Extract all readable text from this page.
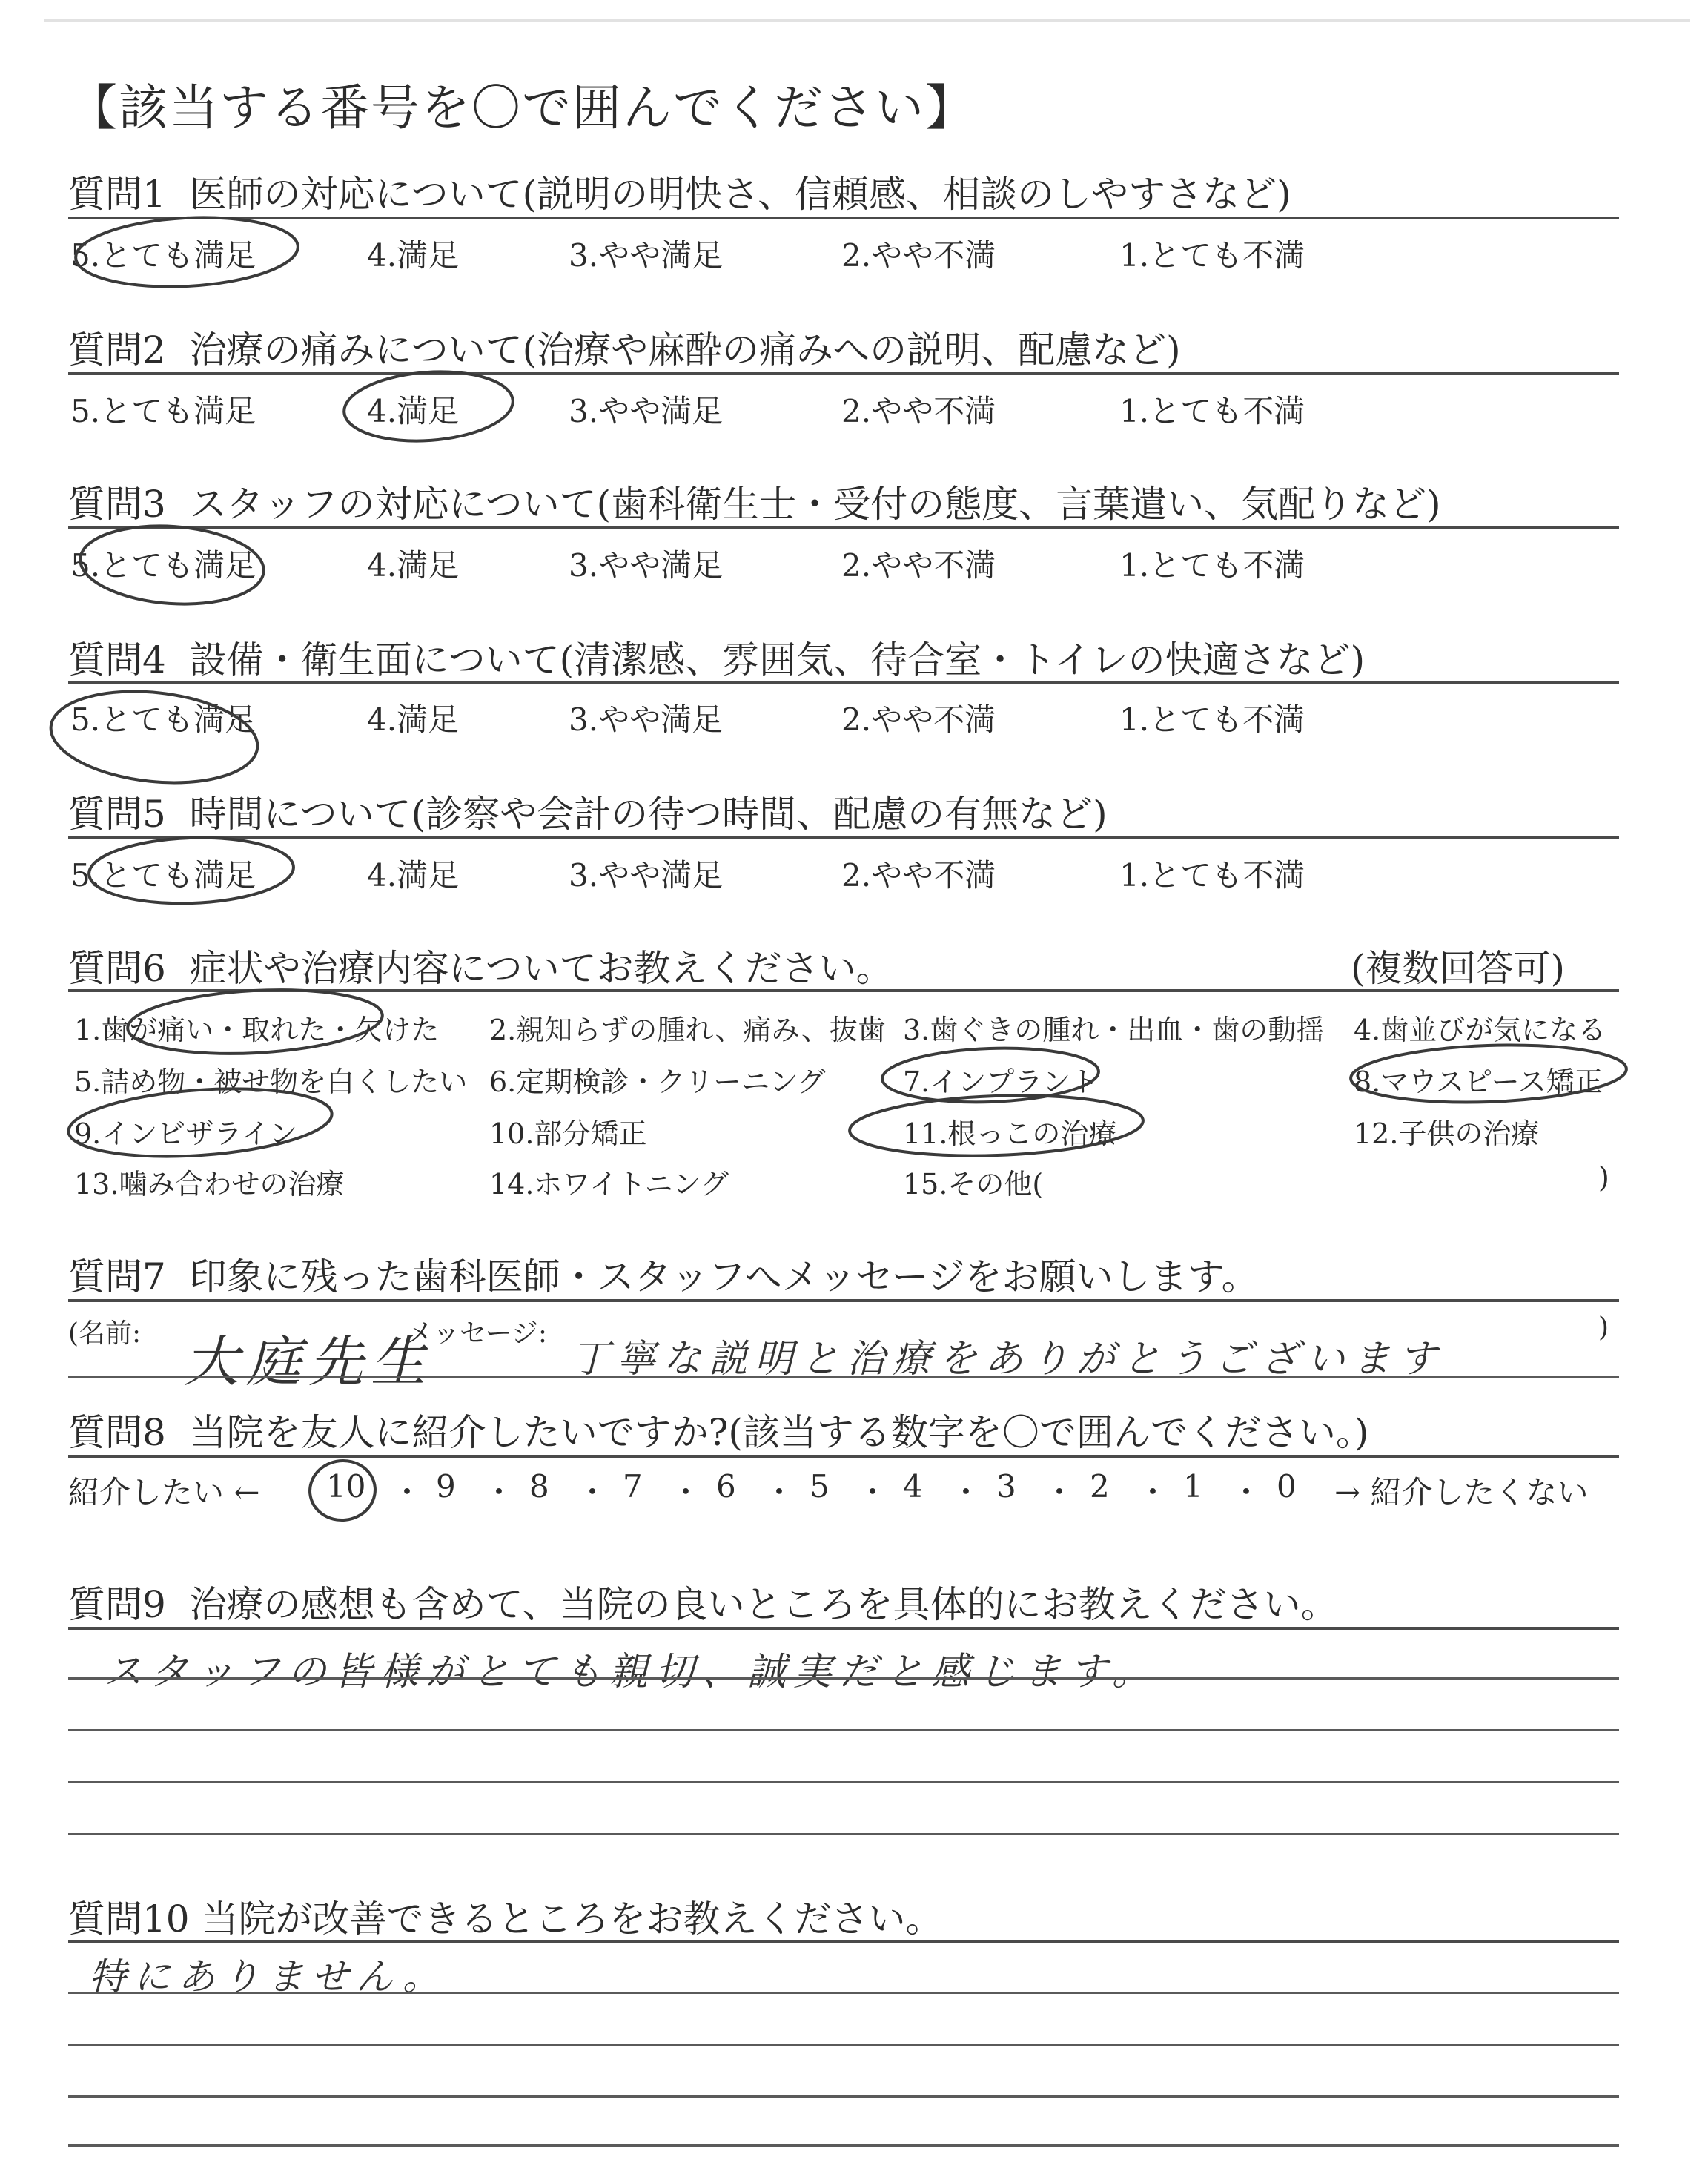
【該当する番号を〇で囲んでください】
質問1 医師の対応について(説明の明快さ、信頼感、相談のしやすさなど)
5.とても満足	4.満足	3.やや満足	2.やや不満	1.とても不満
質問2 治療の痛みについて(治療や麻酔の痛みへの説明、配慮など)
5.とても満足	4.満足	3.やや満足	2.やや不満	1.とても不満
質問3 スタッフの対応について(歯科衛生士・受付の態度、言葉遣い、気配りなど)
5.とても満足	4.満足	3.やや満足	2.やや不満	1.とても不満
質問4 設備・衛生面について(清潔感、雰囲気、待合室・トイレの快適さなど)
5.とても満足	4.満足	3.やや満足	2.やや不満	1.とても不満
質問5 時間について(診察や会計の待つ時間、配慮の有無など)
5.とても満足	4.満足	3.やや満足	2.やや不満	1.とても不満
質問6 症状や治療内容についてお教えください。	(複数回答可)
1.歯が痛い・取れた・欠けた 2.親知らずの腫れ、痛み、抜歯 3.歯ぐきの腫れ・出血・歯の動揺 4.歯並びが気になる
5.詰め物・被せ物を白くしたい 6.定期検診・クリーニング	7.インプラント	8.マウスピース矯正
9.インビザライン	10.部分矯正	11.根っこの治療	12.子供の治療
13.噛み合わせの治療	14.ホワイトニング	15.その他(	)
質問7 印象に残った歯科医師・スタッフへメッセージをお願いします。
(名前: 大庭先生
メッセージ:
丁寧な説明と治療をありがとうございます
)
質問8 当院を友人に紹介したいですか?(該当する数字を〇で囲んでください。)
紹介したい ←	→ 紹介したくない
10 ・ 9 ・ 8 ・ 7 ・ 6 ・ 5 ・ 4 ・ 3 ・ 2 ・ 1 ・ 0
質問9 治療の感想も含めて、当院の良いところを具体的にお教えください。
スタッフの皆様がとても親切、誠実だと感じます。
質問10 当院が改善できるところをお教えください。
特にありません。
